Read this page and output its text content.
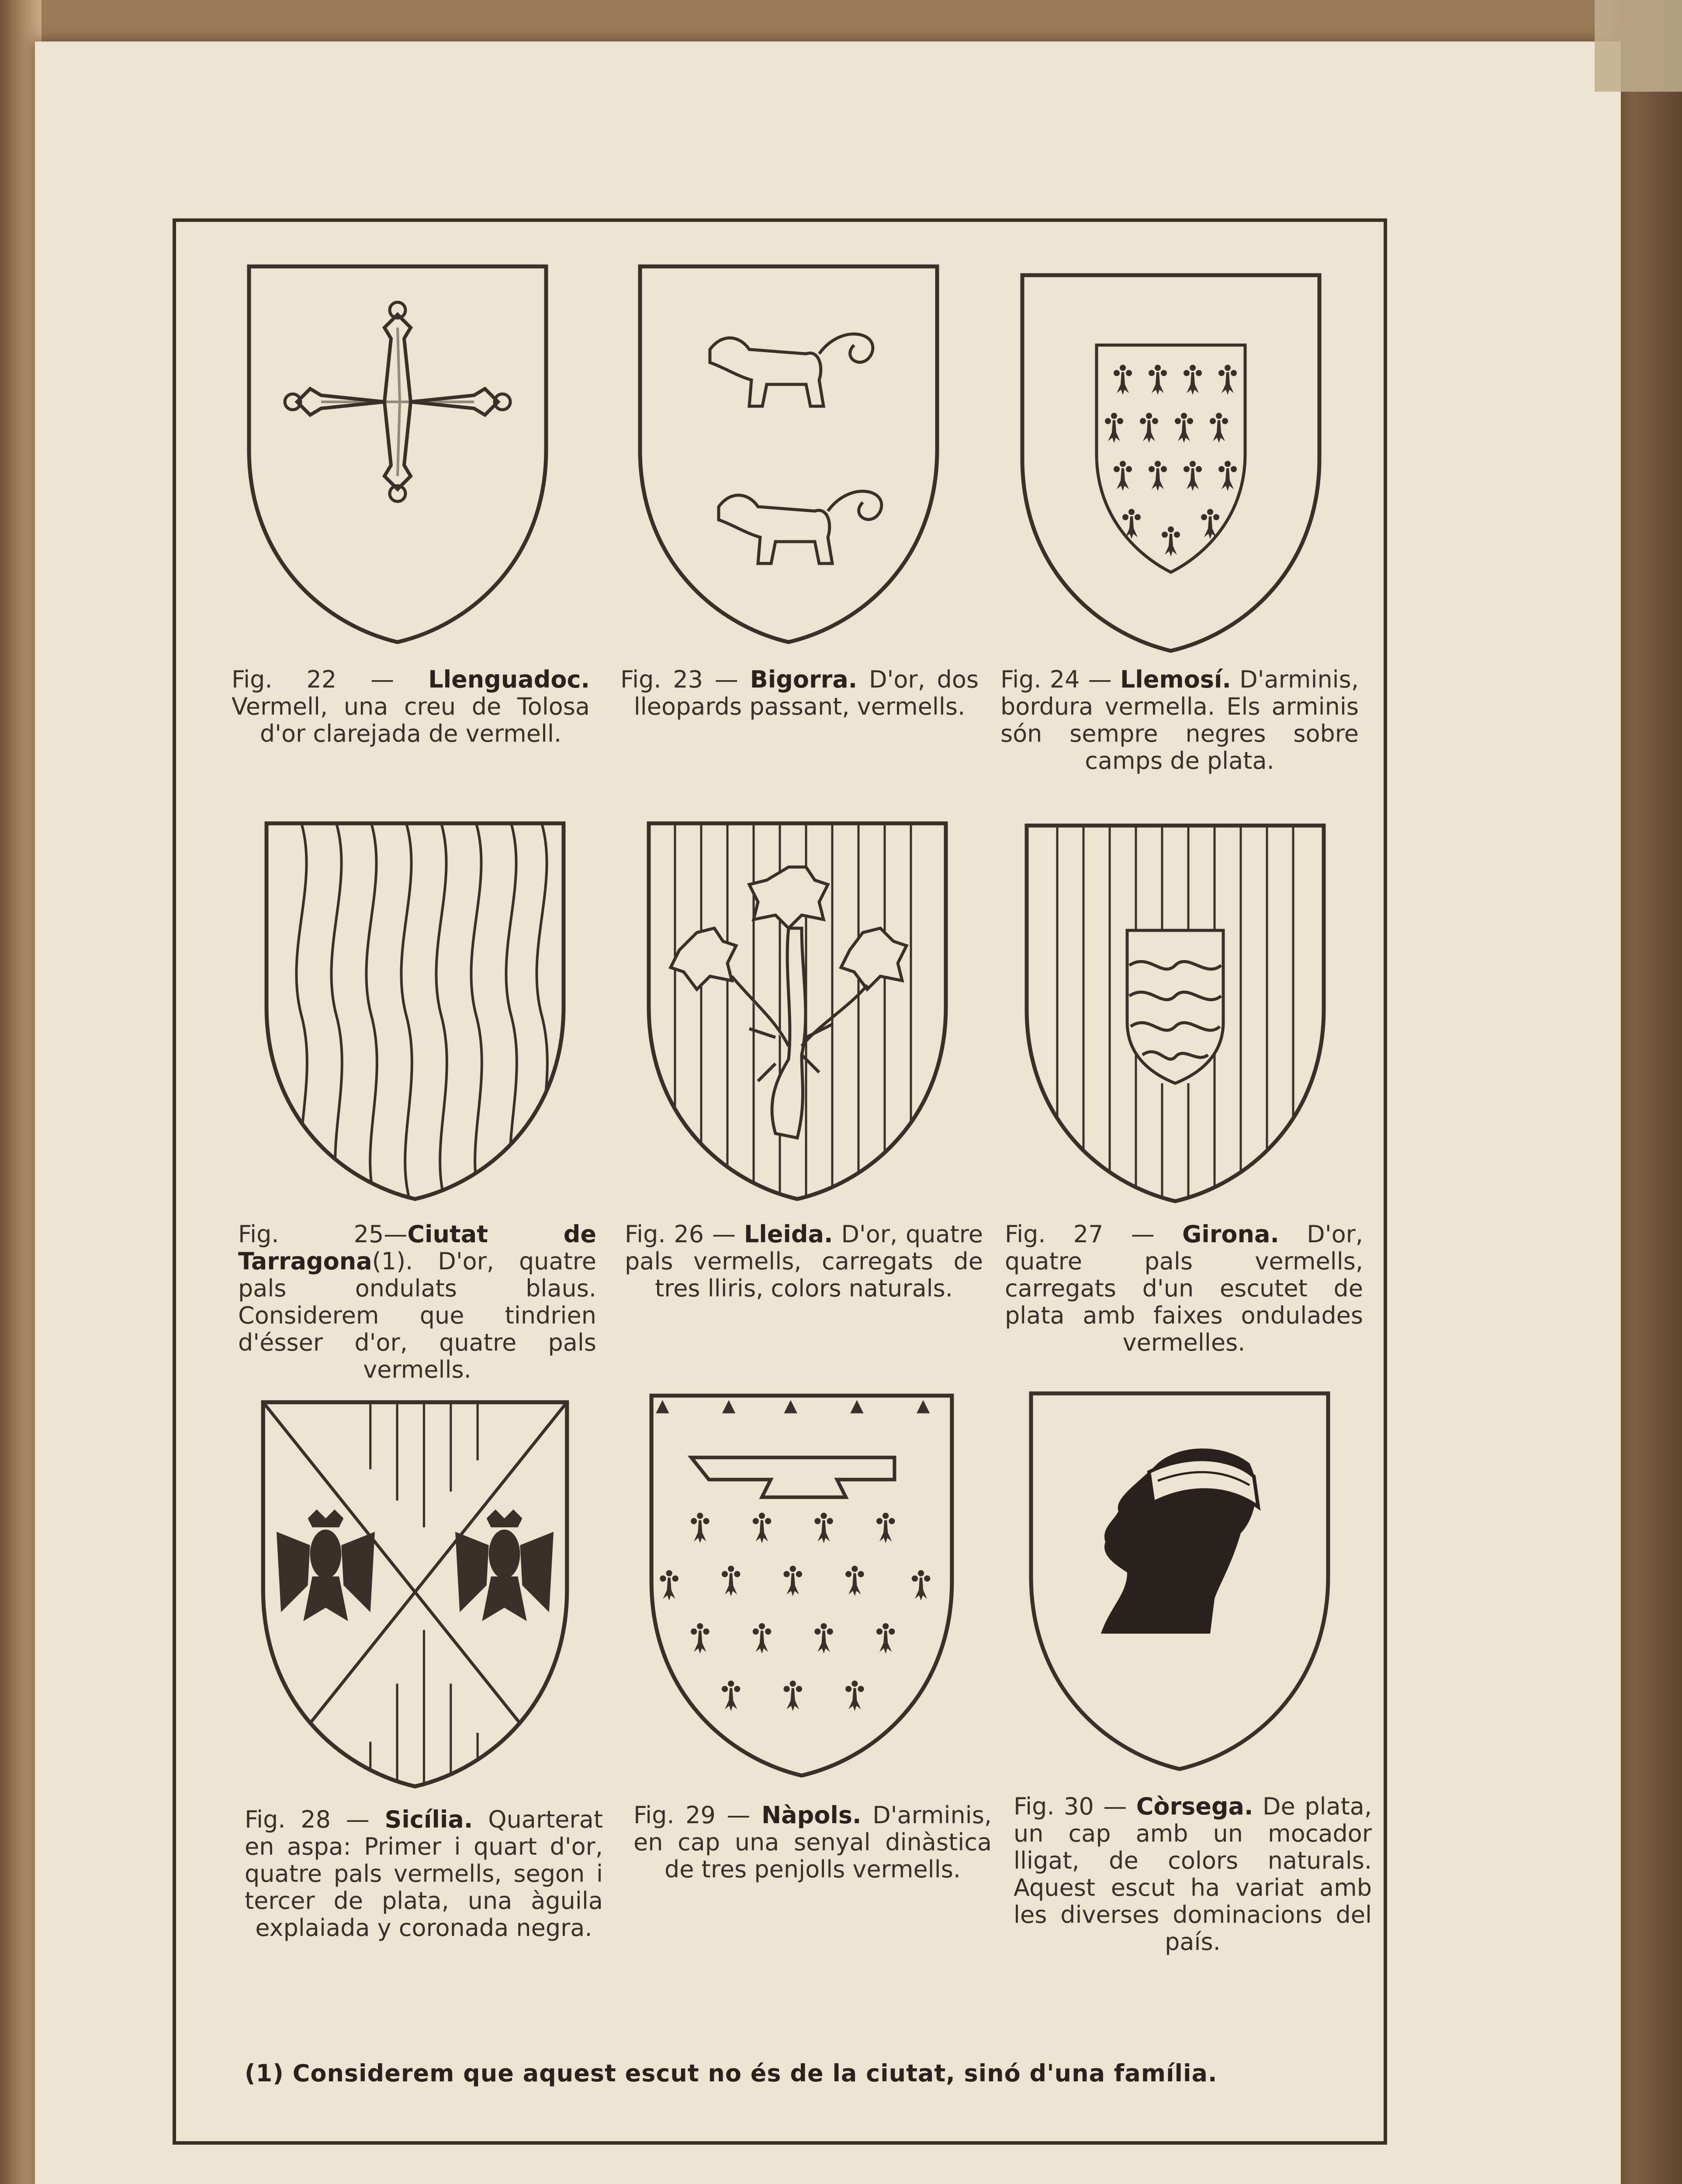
Fig. 22 — Llenguadoc. Vermell, una creu de Tolosa d'or clarejada de vermell.
Fig. 23 — Bigorra. D'or, dos lleopards passant, vermells.
Fig. 24 — Llemosí. D'arminis, bordura vermella. Els arminis són sempre negres sobre camps de plata.
Fig. 25—Ciutat de Tarragona(1). D'or, quatre pals ondulats blaus. Considerem que tindrien d'ésser d'or, quatre pals vermells.
Fig. 26 — Lleida. D'or, quatre pals vermells, carregats de tres lliris, colors naturals.
Fig. 27 — Girona. D'or, quatre pals vermells, carregats d'un escutet de plata amb faixes ondulades vermelles.
Fig. 28 — Sicília. Quarterat en aspa: Primer i quart d'or, quatre pals vermells, segon i tercer de plata, una àguila explaiada y coronada negra.
Fig. 29 — Nàpols. D'arminis, en cap una senyal dinàstica de tres penjolls vermells.
Fig. 30 — Còrsega. De plata, un cap amb un mocador lligat, de colors naturals. Aquest escut ha variat amb les diverses dominacions del país.
(1) Considerem que aquest escut no és de la ciutat, sinó d'una família.
